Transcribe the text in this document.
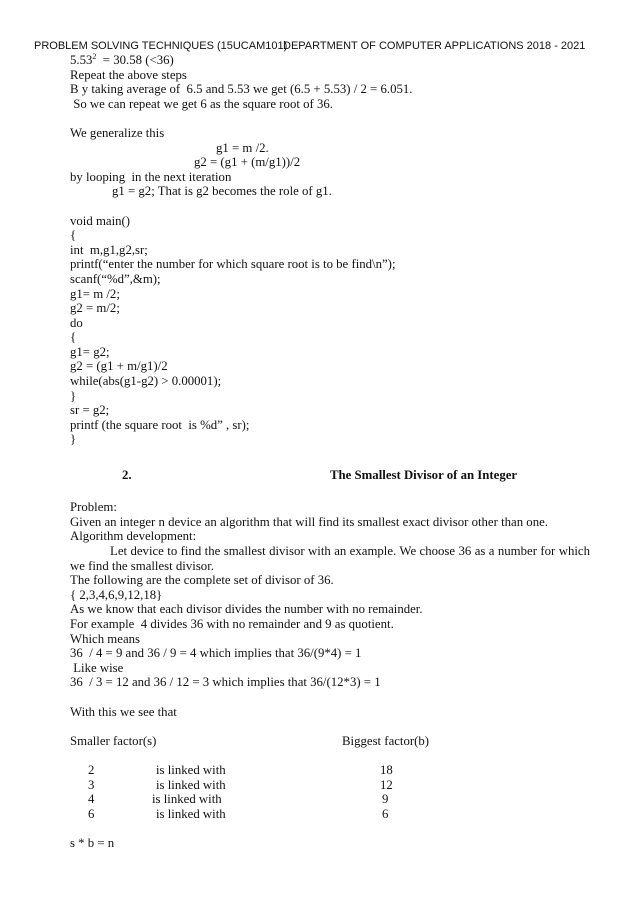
PROBLEM SOLVING TECHNIQUES (15UCAM101)
DEPARTMENT OF COMPUTER APPLICATIONS 2018 - 2021
5.53$^2$  = 30.58 (<36)
Repeat the above steps
B y taking average of  6.5 and 5.53 we get (6.5 + 5.53) / 2 = 6.051.
So we can repeat we get 6 as the square root of 36.
We generalize this
g1 = m /2.
g2 = (g1 + (m/g1))/2
by looping  in the next iteration
g1 = g2; That is g2 becomes the role of g1.
void main()
{
int  m,g1,g2,sr;
printf(“enter the number for which square root is to be find\n”);
scanf(“%d”,&m);
g1= m /2;
g2 = m/2;
do
{
g1= g2;
g2 = (g1 + m/g1)/2
while(abs(g1-g2) > 0.00001);
}
sr = g2;
printf (the square root  is %d” , sr);
}
2.	The Smallest Divisor of an Integer
Problem:
Given an integer n device an algorithm that will find its smallest exact divisor other than one.
Algorithm development:
Let device to find the smallest divisor with an example. We choose 36 as a number for which we find the smallest divisor.
The following are the complete set of divisor of 36.
{ 2,3,4,6,9,12,18}
As we know that each divisor divides the number with no remainder.
For example  4 divides 36 with no remainder and 9 as quotient.
Which means
36  / 4 = 9 and 36 / 9 = 4 which implies that 36/(9*4) = 1
Like wise
36  / 3 = 12 and 36 / 12 = 3 which implies that 36/(12*3) = 1
With this we see that
Smaller factor(s)	Biggest factor(b)
2	is linked with	18
3	is linked with	12
4	is linked with	9
6	is linked with	6
s * b = n
